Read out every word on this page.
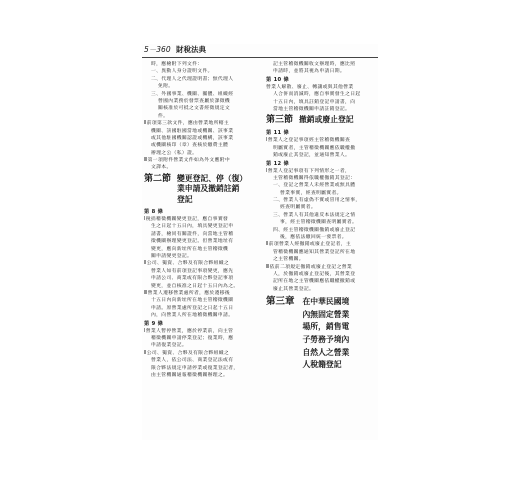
5－360 財稅法典
時，應檢附下列文件：
一、異動人身分證明文件。
二、代理人之代理證明書；無代理人
免附。
三、外國事業、機關、團體、組織經
營國內業務於發票查屬於課徵機
關核准於可抵之文書經徵規定文
件。
Ⅱ前項第三款文件，應由營業地所轄主
機關、該國駐國當地或機關、該事業
或其他駐國機關認證或機構，該事業
或機關核印（章）查核於繳費主體
辦理之公（私）證。
Ⅲ第一項附件營業文件如為外文應附中
文譯本。
第二節 變更登記、停（復）
業申請及撤銷註銷
登記
第 8 條
Ⅰ稅捐稽徵機關變更登記，應自事實發
生之日起十五日內，填具變更登記申
請書，檢同有關證件，向當地主管稽
徵機關辦理變更登記。但營業地址有
變更，應向新址所在地主管稽徵機
關申請變更登記。
Ⅱ公司、獨資、合夥及有限合夥組織之
營業人如有前項登記事項變更，應先
申請公司、商業或有限合夥登記事項
變更，並自核准之日起十五日內為之。
Ⅲ營業人遷移營業處所者，應於遷移後
十五日內向新址所在地主管稽徵機關
申請。原營業處所登記之日起十五日
內，向營業人所在地稽徵機關申請。
第 9 條
Ⅰ營業人暫停營業，應於停業前，向主管
稽徵機關申請停業登記；復業時，應
申請復業登記。
Ⅱ公司、獨資、合夥及有限合夥組織之
營業人，依公司法、商業登記法或有
限合夥法規定申請停業或復業登記者，
由主管機關通報稽徵機關辦理之。
記主管稽徵機關收文辦理時，應比照
申請時，並將其視為申請日期。
第 10 條
營業人解散、廢止、轉讓或與其他營業
人合併而消滅時，應自事實發生之日起
十五日內，填具註銷登記申請書，向
當地主管稽徵機關申請註銷登記。
第三節 撤銷或廢止登記
第 11 條
Ⅰ營業人之登記事項經主管稽徵機關查
明屬實者，主管稽徵機關應依職權撤
銷或廢止其登記，並通知營業人。
第 12 條
Ⅰ營業人登記事項有下列情形之一者，
主管稽徵機關得依職權撤銷其登記：
一、登記之營業人未經營業或無具體
營業事實，經查明屬實者。
二、營業人有虛偽不實或冒用之情事，
經查明屬實者。
三、營業人有其他違反本法規定之情
事，經主管稽徵機關查明屬實者。
四、經主管稽徵機關撤銷或廢止登記
後，應依法繳回統一發票者。
Ⅱ前項營業人經撤銷或廢止登記者，主
管稽徵機關應通知其營業登記所在地
之主管機關。
Ⅲ依前二項規定撤銷或廢止登記之營業
人，於撤銷或廢止登記後，其營業登
記所在地之主管機關應依職權撤銷或
廢止其營業登記。
第三章	在中華民國境
內無固定營業
場所，銷售電
子勞務予境內
自然人之營業
人稅籍登記
